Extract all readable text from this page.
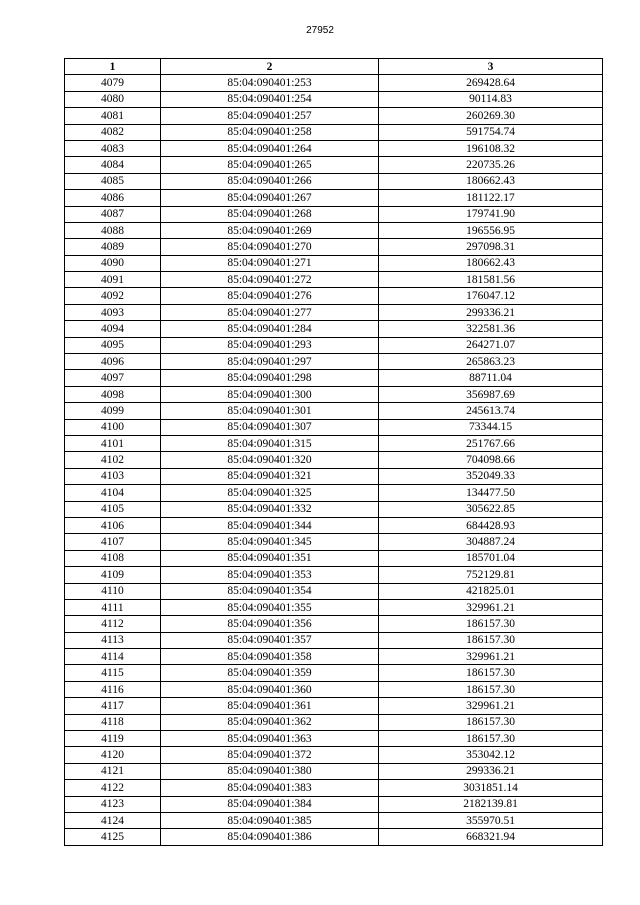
27952
1	2	3
4079	85:04:090401:253	269428.64
4080	85:04:090401:254	90114.83
4081	85:04:090401:257	260269.30
4082	85:04:090401:258	591754.74
4083	85:04:090401:264	196108.32
4084	85:04:090401:265	220735.26
4085	85:04:090401:266	180662.43
4086	85:04:090401:267	181122.17
4087	85:04:090401:268	179741.90
4088	85:04:090401:269	196556.95
4089	85:04:090401:270	297098.31
4090	85:04:090401:271	180662.43
4091	85:04:090401:272	181581.56
4092	85:04:090401:276	176047.12
4093	85:04:090401:277	299336.21
4094	85:04:090401:284	322581.36
4095	85:04:090401:293	264271.07
4096	85:04:090401:297	265863.23
4097	85:04:090401:298	88711.04
4098	85:04:090401:300	356987.69
4099	85:04:090401:301	245613.74
4100	85:04:090401:307	73344.15
4101	85:04:090401:315	251767.66
4102	85:04:090401:320	704098.66
4103	85:04:090401:321	352049.33
4104	85:04:090401:325	134477.50
4105	85:04:090401:332	305622.85
4106	85:04:090401:344	684428.93
4107	85:04:090401:345	304887.24
4108	85:04:090401:351	185701.04
4109	85:04:090401:353	752129.81
4110	85:04:090401:354	421825.01
4111	85:04:090401:355	329961.21
4112	85:04:090401:356	186157.30
4113	85:04:090401:357	186157.30
4114	85:04:090401:358	329961.21
4115	85:04:090401:359	186157.30
4116	85:04:090401:360	186157.30
4117	85:04:090401:361	329961.21
4118	85:04:090401:362	186157.30
4119	85:04:090401:363	186157.30
4120	85:04:090401:372	353042.12
4121	85:04:090401:380	299336.21
4122	85:04:090401:383	3031851.14
4123	85:04:090401:384	2182139.81
4124	85:04:090401:385	355970.51
4125	85:04:090401:386	668321.94
